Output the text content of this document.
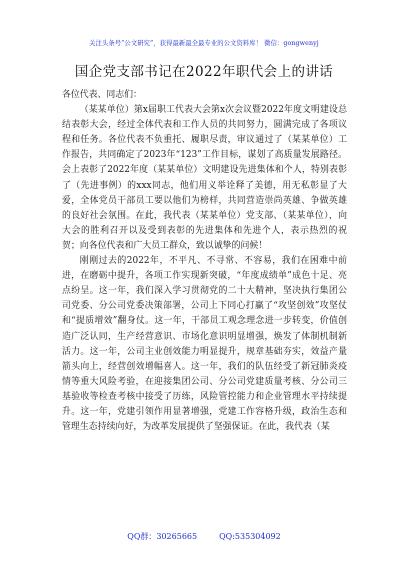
关注头条号“公文研究”，获得最新最全最专业的公文资料库！ 微信：gongwenyj
国企党支部书记在2022年职代会上的讲话

各位代表、同志们：

（某某单位）第x届职工代表大会第x次会议暨2022年度文明建设总结表彰大会，经过全体代表和工作人员的共同努力，圆满完成了各项议程和任务。各位代表不负重托、履职尽责，审议通过了（某某单位）工作报告，共同确定了2023年“123”工作目标，谋划了高质量发展路径。会上表彰了2022年度（某某单位）文明建设先进集体和个人，特别表彰了（先进事例）的xxx同志，他们用义举诠释了美德，用无私彰显了大爱，全体党员干部员工要以他们为榜样，共同营造崇尚英雄、争做英雄的良好社会氛围。在此，我代表（某某单位）党支部、（某某单位），向大会的胜利召开以及受到表彰的先进集体和先进个人，表示热烈的祝贺；向各位代表和广大员工群众，致以诚挚的问候！

刚刚过去的2022年，不平凡、不寻常、不容易，我们在困难中前进，在磨砺中提升，各项工作实现新突破，“年度成绩单”成色十足、亮点纷呈。这一年，我们深入学习贯彻党的二十大精神，坚决执行集团公司党委、分公司党委决策部署，公司上下同心打赢了“攻坚创效”攻坚仗和“提质增效”翻身仗。这一年，干部员工观念理念进一步转变，价值创造广泛认同，生产经营意识、市场化意识明显增强，焕发了体制机制新活力。这一年，公司主业创效能力明显提升，规章基础夯实，效益产量箭头向上，经营创效增幅喜人。这一年，我们的队伍经受了新冠肺炎疫情等重大风险考验，在迎接集团公司、分公司党建质量考核、分公司三基验收等检查考核中接受了历练，风险管控能力和企业管理水平持续提升。这一年，党建引领作用显著增强，党建工作容格升级，政治生态和管理生态持续向好，为改革发展提供了坚强保证。在此，我代表（某

QQ群：30265665	QQ:535304092
